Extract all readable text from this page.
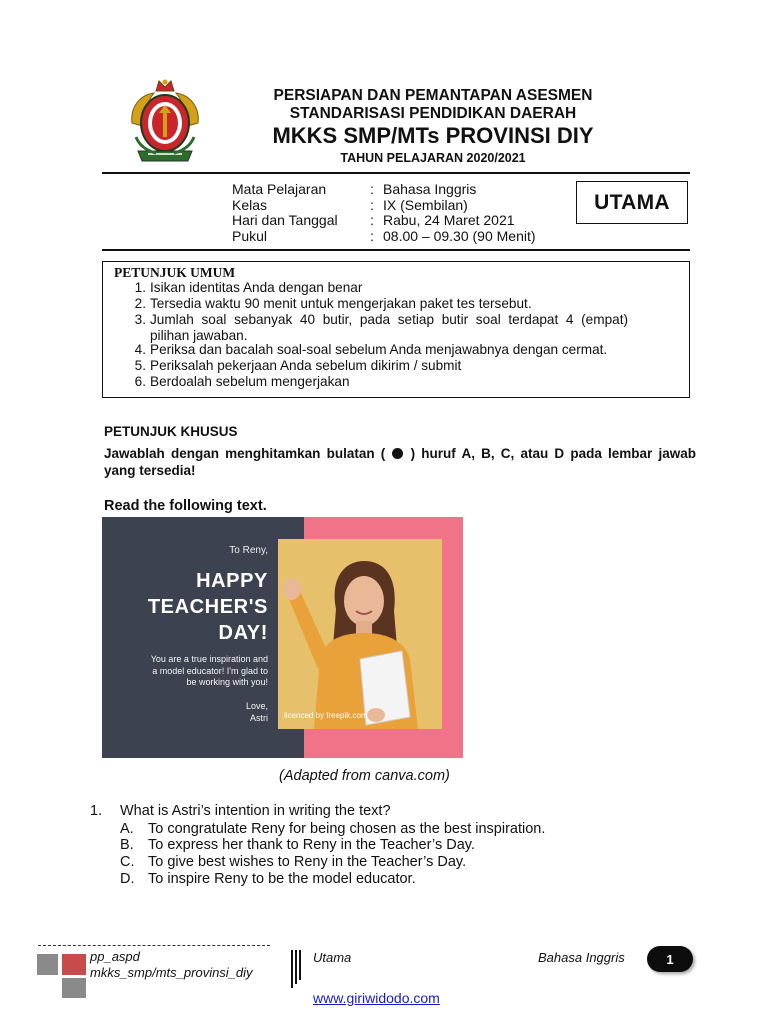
PERSIAPAN DAN PEMANTAPAN ASESMEN
STANDARISASI PENDIDIKAN DAERAH
MKKS SMP/MTs PROVINSI DIY
TAHUN PELAJARAN 2020/2021
Mata Pelajaran	: Bahasa Inggris
Kelas	: IX (Sembilan)
Hari dan Tanggal : Rabu, 24 Maret 2021
Pukul	: 08.00 – 09.30 (90 Menit)
UTAMA
PETUNJUK UMUM
1. Isikan identitas Anda dengan benar
2. Tersedia waktu 90 menit untuk mengerjakan paket tes tersebut.
3. Jumlah soal sebanyak 40 butir, pada setiap butir soal terdapat 4 (empat) pilihan jawaban.
4. Periksa dan bacalah soal-soal sebelum Anda menjawabnya dengan cermat.
5. Periksalah pekerjaan Anda sebelum dikirim / submit
6. Berdoalah sebelum mengerjakan
PETUNJUK KHUSUS
Jawablah dengan menghitamkan bulatan ( ) huruf A, B, C, atau D pada lembar jawab
yang tersedia!
Read the following text.
To Reny,
HAPPY
TEACHER'S
DAY!
You are a true inspiration and
a model educator! I'm glad to
be working with you!
Love,
Astri licenced by freepik.com
(Adapted from canva.com)
1. What is Astri’s intention in writing the text?
A. To congratulate Reny for being chosen as the best inspiration.
B. To express her thank to Reny in the Teacher’s Day.
C. To give best wishes to Reny in the Teacher’s Day.
D. To inspire Reny to be the model educator.
pp_aspd
mkks_smp/mts_provinsi_diy
Utama	Bahasa Inggris	1
www.giriwidodo.com
